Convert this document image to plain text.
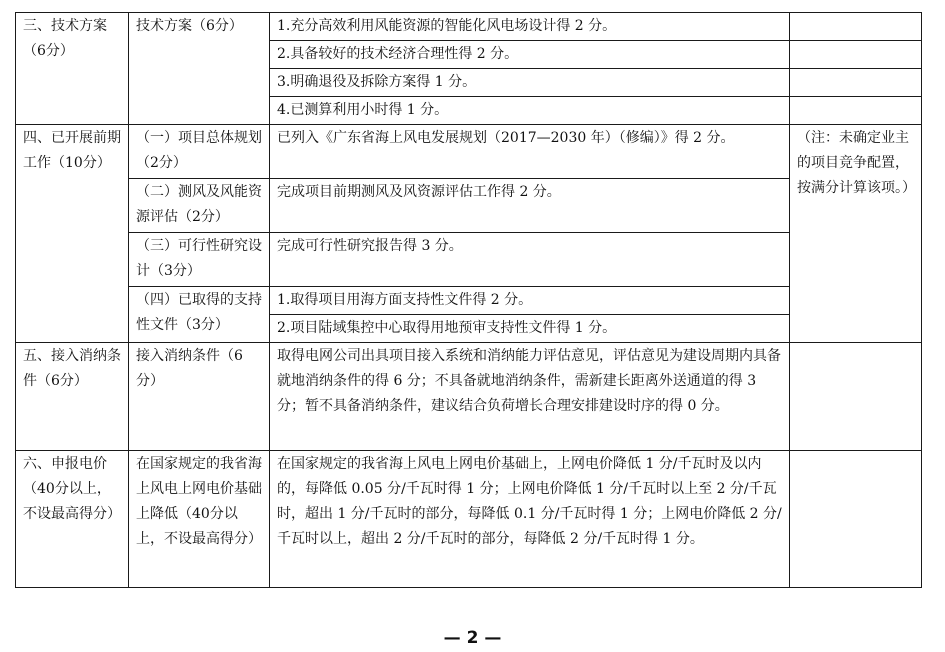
三、技术方案（6分）	技术方案（6分）	1.充分高效利用风能资源的智能化风电场设计得 2 分。	
		2.具备较好的技术经济合理性得 2 分。	
		3.明确退役及拆除方案得 1 分。	
		4.已测算利用小时得 1 分。	
四、已开展前期工作（10分）	（一）项目总体规划（2分）	已列入《广东省海上风电发展规划（2017—2030 年）（修编）》得 2 分。	（注：未确定业主的项目竞争配置，按满分计算该项。）
	（二）测风及风能资源评估（2分）	完成项目前期测风及风资源评估工作得 2 分。	
	（三）可行性研究设计（3分）	完成可行性研究报告得 3 分。	
	（四）已取得的支持性文件（3分）	1.取得项目用海方面支持性文件得 2 分。	
		2.项目陆域集控中心取得用地预审支持性文件得 1 分。	
五、接入消纳条件（6分）	接入消纳条件（6分）	取得电网公司出具项目接入系统和消纳能力评估意见，评估意见为建设周期内具备就地消纳条件的得 6 分；不具备就地消纳条件，需新建长距离外送通道的得 3 分；暂不具备消纳条件，建议结合负荷增长合理安排建设时序的得 0 分。	
六、申报电价（40分以上，不设最高得分）	在国家规定的我省海上风电上网电价基础上降低（40分以上，不设最高得分）	在国家规定的我省海上风电上网电价基础上，上网电价降低 1 分/千瓦时及以内的，每降低 0.05 分/千瓦时得 1 分；上网电价降低 1 分/千瓦时以上至 2 分/千瓦时，超出 1 分/千瓦时的部分，每降低 0.1 分/千瓦时得 1 分；上网电价降低 2 分/千瓦时以上，超出 2 分/千瓦时的部分，每降低 2 分/千瓦时得 1 分。	
— 2 —
